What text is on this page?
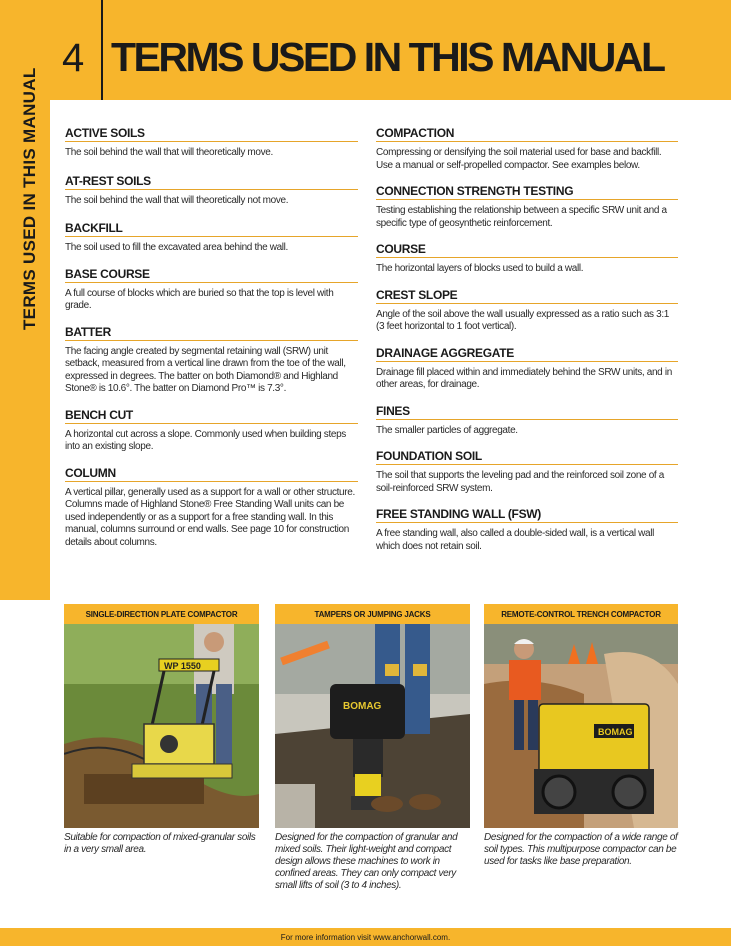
TERMS USED IN THIS MANUAL
4 TERMS USED IN THIS MANUAL
ACTIVE SOILS
The soil behind the wall that will theoretically move.
AT-REST SOILS
The soil behind the wall that will theoretically not move.
BACKFILL
The soil used to fill the excavated area behind the wall.
BASE COURSE
A full course of blocks which are buried so that the top is level with grade.
BATTER
The facing angle created by segmental retaining wall (SRW) unit setback, measured from a vertical line drawn from the toe of the wall, expressed in degrees. The batter on both Diamond® and Highland Stone® is 10.6°. The batter on Diamond Pro™ is 7.3°.
BENCH CUT
A horizontal cut across a slope. Commonly used when building steps into an existing slope.
COLUMN
A vertical pillar, generally used as a support for a wall or other structure. Columns made of Highland Stone® Free Standing Wall units can be used independently or as a support for a free standing wall. In this manual, columns surround or end walls. See page 10 for construction details about columns.
COMPACTION
Compressing or densifying the soil material used for base and backfill. Use a manual or self-propelled compactor. See examples below.
CONNECTION STRENGTH TESTING
Testing establishing the relationship between a specific SRW unit and a specific type of geosynthetic reinforcement.
COURSE
The horizontal layers of blocks used to build a wall.
CREST SLOPE
Angle of the soil above the wall usually expressed as a ratio such as 3:1 (3 feet horizontal to 1 foot vertical).
DRAINAGE AGGREGATE
Drainage fill placed within and immediately behind the SRW units, and in other areas, for drainage.
FINES
The smaller particles of aggregate.
FOUNDATION SOIL
The soil that supports the leveling pad and the reinforced soil zone of a soil-reinforced SRW system.
FREE STANDING WALL (FSW)
A free standing wall, also called a double-sided wall, is a vertical wall which does not retain soil.
SINGLE-DIRECTION PLATE COMPACTOR
WP 1550
Suitable for compaction of mixed-granular soils in a very small area.
TAMPERS OR JUMPING JACKS
BOMAG
Designed for the compaction of granular and mixed soils. Their light-weight and compact design allows these machines to work in confined areas. They can only compact very small lifts of soil (3 to 4 inches).
REMOTE-CONTROL TRENCH COMPACTOR
BOMAG
Designed for the compaction of a wide range of soil types. This multipurpose compactor can be used for tasks like base preparation.
For more information visit www.anchorwall.com.
